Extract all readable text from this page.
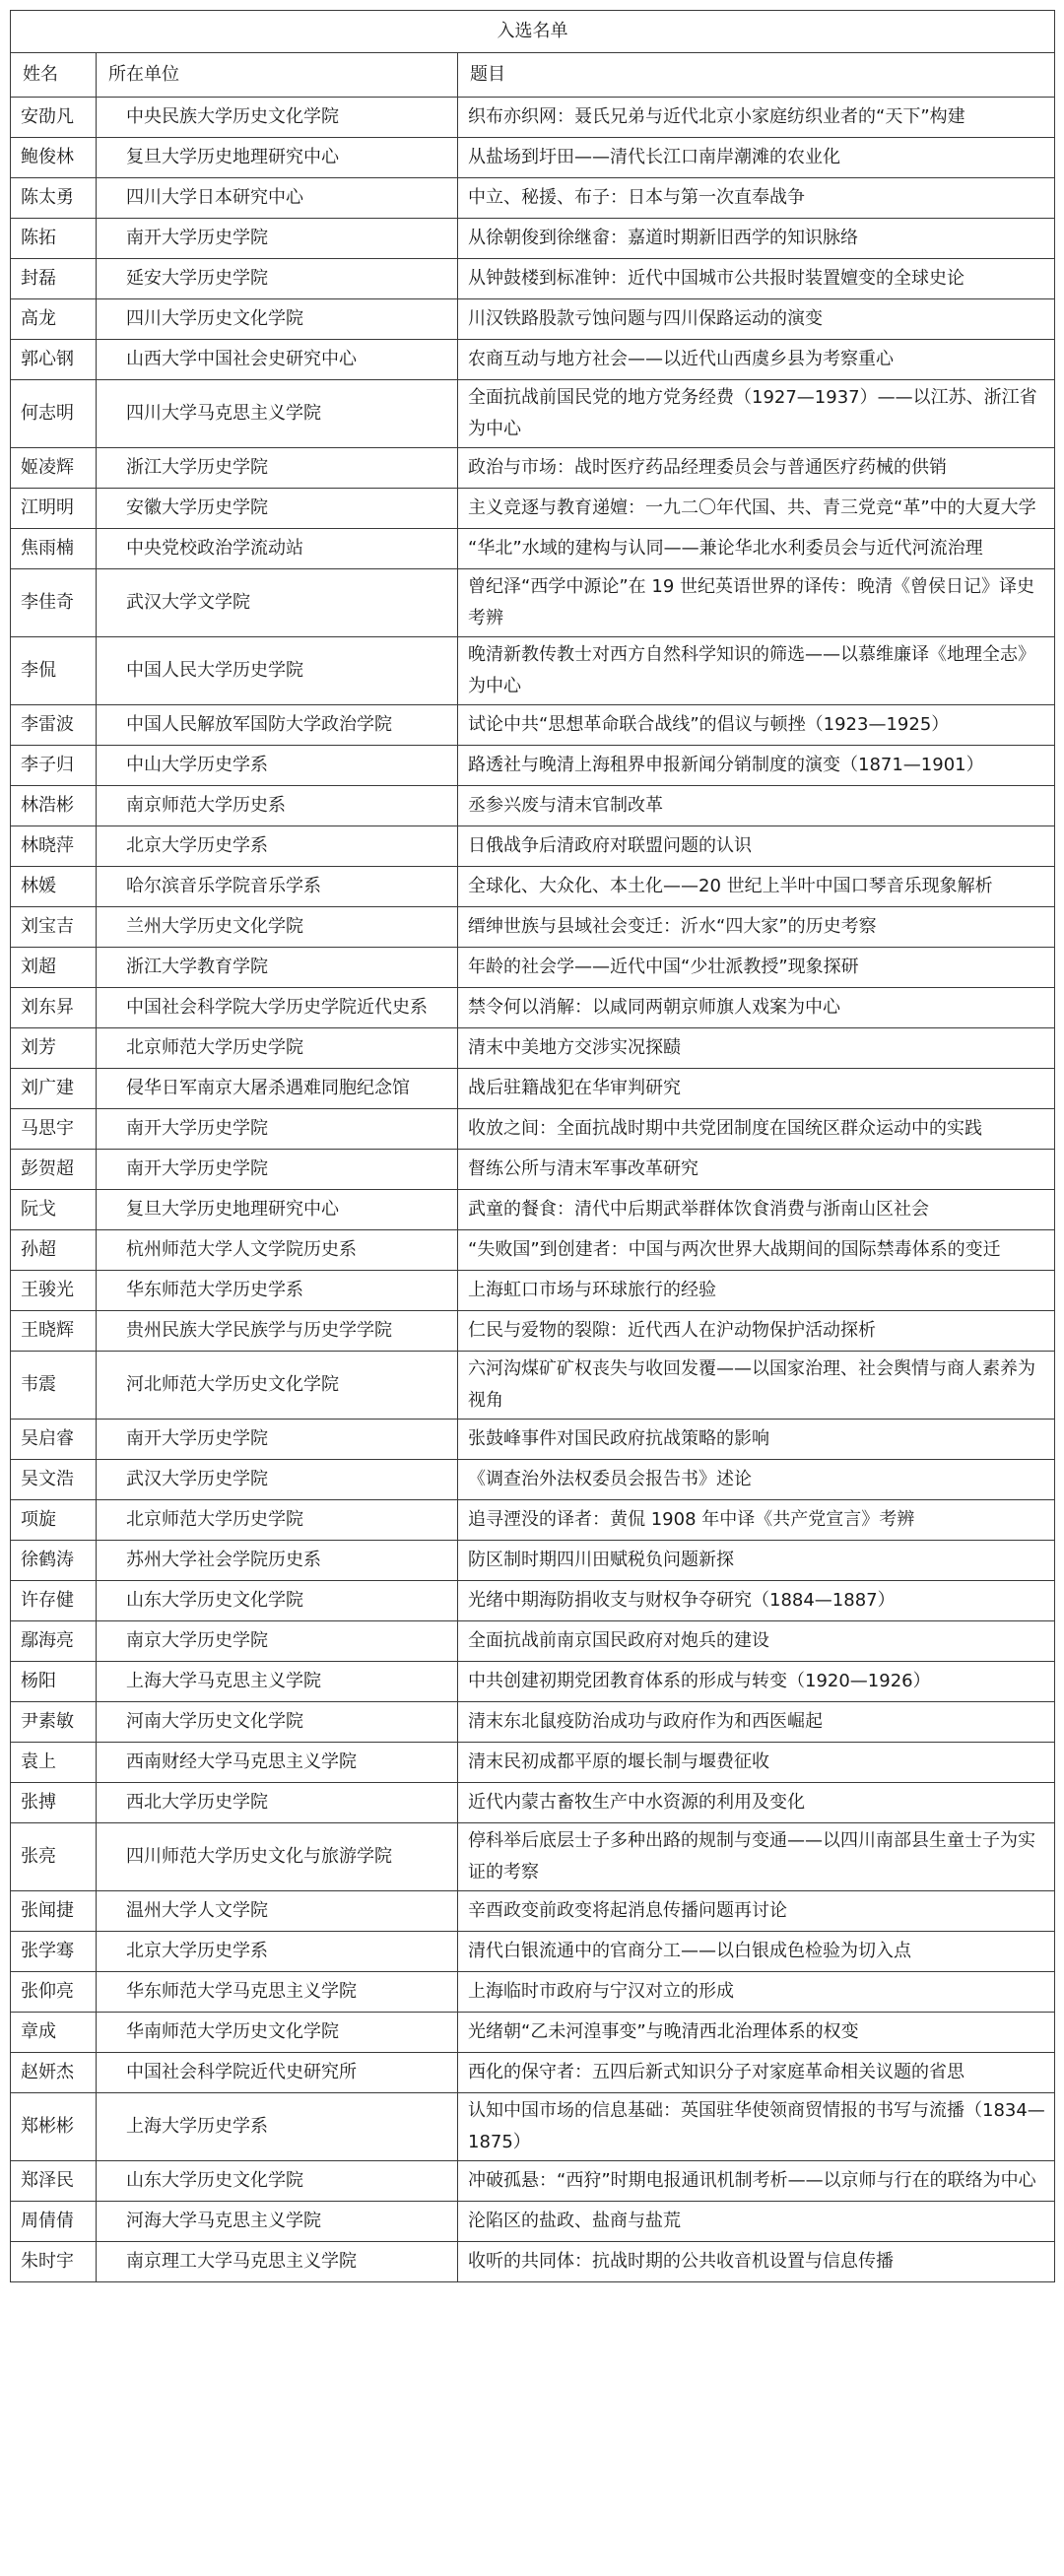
入选名单		
姓名	所在单位	题目
安劭凡	中央民族大学历史文化学院	织布亦织网：聂氏兄弟与近代北京小家庭纺织业者的“天下”构建
鲍俊林	复旦大学历史地理研究中心	从盐场到圩田——清代长江口南岸潮滩的农业化
陈太勇	四川大学日本研究中心	中立、秘援、布子：日本与第一次直奉战争
陈拓	南开大学历史学院	从徐朝俊到徐继畲：嘉道时期新旧西学的知识脉络
封磊	延安大学历史学院	从钟鼓楼到标准钟：近代中国城市公共报时装置嬗变的全球史论
高龙	四川大学历史文化学院	川汉铁路股款亏蚀问题与四川保路运动的演变
郭心钢	山西大学中国社会史研究中心	农商互动与地方社会——以近代山西虞乡县为考察重心
何志明	四川大学马克思主义学院	全面抗战前国民党的地方党务经费（1927—1937）——以江苏、浙江省为中心
姬凌辉	浙江大学历史学院	政治与市场：战时医疗药品经理委员会与普通医疗药械的供销
江明明	安徽大学历史学院	主义竞逐与教育递嬗：一九二〇年代国、共、青三党竞“革”中的大夏大学
焦雨楠	中央党校政治学流动站	“华北”水域的建构与认同——兼论华北水利委员会与近代河流治理
李佳奇	武汉大学文学院	曾纪泽“西学中源论”在 19 世纪英语世界的译传：晚清《曾侯日记》译史考辨
李侃	中国人民大学历史学院	晚清新教传教士对西方自然科学知识的筛选——以慕维廉译《地理全志》为中心
李雷波	中国人民解放军国防大学政治学院	试论中共“思想革命联合战线”的倡议与顿挫（1923—1925）
李子归	中山大学历史学系	路透社与晚清上海租界申报新闻分销制度的演变（1871—1901）
林浩彬	南京师范大学历史系	丞参兴废与清末官制改革
林晓萍	北京大学历史学系	日俄战争后清政府对联盟问题的认识
林媛	哈尔滨音乐学院音乐学系	全球化、大众化、本土化——20 世纪上半叶中国口琴音乐现象解析
刘宝吉	兰州大学历史文化学院	缙绅世族与县域社会变迁：沂水“四大家”的历史考察
刘超	浙江大学教育学院	年龄的社会学——近代中国“少壮派教授”现象探研
刘东昇	中国社会科学院大学历史学院近代史系	禁令何以消解：以咸同两朝京师旗人戏案为中心
刘芳	北京师范大学历史学院	清末中美地方交涉实况探赜
刘广建	侵华日军南京大屠杀遇难同胞纪念馆	战后驻籍战犯在华审判研究
马思宇	南开大学历史学院	收放之间：全面抗战时期中共党团制度在国统区群众运动中的实践
彭贺超	南开大学历史学院	督练公所与清末军事改革研究
阮戈	复旦大学历史地理研究中心	武童的餐食：清代中后期武举群体饮食消费与浙南山区社会
孙超	杭州师范大学人文学院历史系	“失败国”到创建者：中国与两次世界大战期间的国际禁毒体系的变迁
王骏光	华东师范大学历史学系	上海虹口市场与环球旅行的经验
王晓辉	贵州民族大学民族学与历史学学院	仁民与爱物的裂隙：近代西人在沪动物保护活动探析
韦震	河北师范大学历史文化学院	六河沟煤矿矿权丧失与收回发覆——以国家治理、社会舆情与商人素养为视角
吴启睿	南开大学历史学院	张鼓峰事件对国民政府抗战策略的影响
吴文浩	武汉大学历史学院	《调查治外法权委员会报告书》述论
项旋	北京师范大学历史学院	追寻湮没的译者：黄侃 1908 年中译《共产党宣言》考辨
徐鹤涛	苏州大学社会学院历史系	防区制时期四川田赋税负问题新探
许存健	山东大学历史文化学院	光绪中期海防捐收支与财权争夺研究（1884—1887）
鄢海亮	南京大学历史学院	全面抗战前南京国民政府对炮兵的建设
杨阳	上海大学马克思主义学院	中共创建初期党团教育体系的形成与转变（1920—1926）
尹素敏	河南大学历史文化学院	清末东北鼠疫防治成功与政府作为和西医崛起
袁上	西南财经大学马克思主义学院	清末民初成都平原的堰长制与堰费征收
张搏	西北大学历史学院	近代内蒙古畜牧生产中水资源的利用及变化
张亮	四川师范大学历史文化与旅游学院	停科举后底层士子多种出路的规制与变通——以四川南部县生童士子为实证的考察
张闻捷	温州大学人文学院	辛酉政变前政变将起消息传播问题再讨论
张学骞	北京大学历史学系	清代白银流通中的官商分工——以白银成色检验为切入点
张仰亮	华东师范大学马克思主义学院	上海临时市政府与宁汉对立的形成
章成	华南师范大学历史文化学院	光绪朝“乙未河湟事变”与晚清西北治理体系的权变
赵妍杰	中国社会科学院近代史研究所	西化的保守者：五四后新式知识分子对家庭革命相关议题的省思
郑彬彬	上海大学历史学系	认知中国市场的信息基础：英国驻华使领商贸情报的书写与流播（1834—1875）
郑泽民	山东大学历史文化学院	冲破孤悬：“西狩”时期电报通讯机制考析——以京师与行在的联络为中心
周倩倩	河海大学马克思主义学院	沦陷区的盐政、盐商与盐荒
朱时宇	南京理工大学马克思主义学院	收听的共同体：抗战时期的公共收音机设置与信息传播
